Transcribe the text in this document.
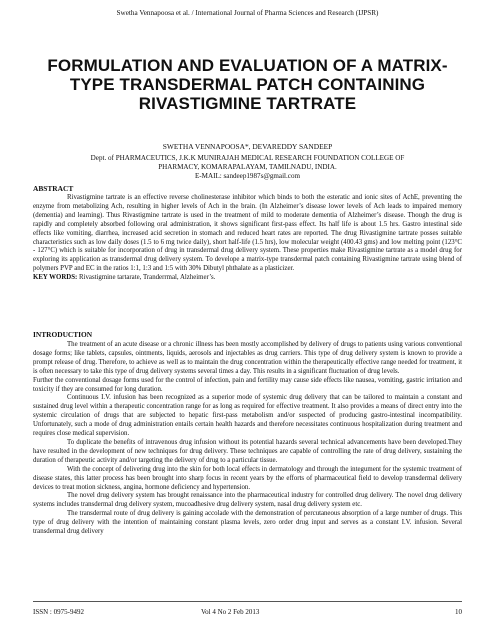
Swetha Vennapoosa et al. / International Journal of Pharma Sciences and Research (IJPSR)
FORMULATION AND EVALUATION OF A MATRIX-TYPE TRANSDERMAL PATCH CONTAINING RIVASTIGMINE TARTRATE
SWETHA VENNAPOOSA*, DEVAREDDY SANDEEP
Dept. of PHARMACEUTICS, J.K.K MUNIRAJAH MEDICAL RESEARCH FOUNDATION COLLEGE OF
PHARMACY, KOMARAPALAYAM, TAMILNADU, INDIA.
E-MAIL: sandeep1987s@gmail.com
ABSTRACT

Rivastigmine tartrate is an effective reverse cholinesterase inhibitor which binds to both the esteratic and ionic sites of AchE, preventing the enzyme from metabolizing Ach, resulting in higher levels of Ach in the brain. (In Alzheimer’s disease lower levels of Ach leads to impaired memory (dementia) and learning). Thus Rivastigmine tartrate is used in the treatment of mild to moderate dementia of Alzheimer’s disease. Though the drug is rapidly and completely absorbed following oral administration, it shows significant first-pass effect. Its half life is about 1.5 hrs. Gastro intestinal side effects like vomiting, diarrhea, increased acid secretion in stomach and reduced heart rates are reported. The drug Rivastigmine tartrate posses suitable characteristics such as low daily doses (1.5 to 6 mg twice daily), short half-life (1.5 hrs), low molecular weight (400.43 gms) and low melting point (123°C - 127°C) which is suitable for incorporation of drug in transdermal drug delivery system. These properties make Rivastigmine tartrate as a model drug for exploring its application as transdermal drug delivery system. To develope a matrix-type transdermal patch containing Rivastigmine tartrate using blend of polymers PVP and EC in the ratios 1:1, 1:3 and 1:5 with 30% Dibutyl phthalate as a plasticizer.

KEY WORDS: Rivastigmine tartarate, Tranderrmal, Alzheimer’s.

INTRODUCTION

The treatment of an acute disease or a chronic illness has been mostly accomplished by delivery of drugs to patients using various conventional dosage forms; like tablets, capsules, ointments, liquids, aerosols and injectables as drug carriers. This type of drug delivery system is known to provide a prompt release of drug. Therefore, to achieve as well as to maintain the drug concentration within the therapeutically effective range needed for treatment, it is often necessary to take this type of drug delivery systems several times a day. This results in a significant fluctuation of drug levels.

Further the conventional dosage forms used for the control of infection, pain and fertility may cause side effects like nausea, vomiting, gastric irritation and toxicity if they are consumed for long duration.

Continuous I.V. infusion has been recognized as a superior mode of systemic drug delivery that can be tailored to maintain a constant and sustained drug level within a therapeutic concentration range for as long as required for effective treatment. It also provides a means of direct entry into the systemic circulation of drugs that are subjected to hepatic first-pass metabolism and/or suspected of producing gastro-intestinal incompatibility. Unfortunately, such a mode of drug administration entails certain health hazards and therefore necessitates continuous hospitalization during treatment and requires close medical supervision.

To duplicate the benefits of intravenous drug infusion without its potential hazards several technical advancements have been developed.They have resulted in the development of new techniques for drug delivery. These techniques are capable of controlling the rate of drug delivery, sustaining the duration of therapeutic activity and/or targeting the delivery of drug to a particular tissue.

With the concept of delivering drug into the skin for both local effects in dermatology and through the integument for the systemic treatment of disease states, this latter process has been brought into sharp focus in recent years by the efforts of pharmaceutical field to develop transdermal delivery devices to treat motion sickness, angina, hormone deficiency and hypertension.

The novel drug delivery system has brought renaissance into the pharmaceutical industry for controlled drug delivery. The novel drug delivery systems includes transdermal drug delivery system, mucoadhesive drug delivery system, nasal drug delivery system etc.

The transdermal route of drug delivery is gaining accolade with the demonstration of percutaneous absorption of a large number of drugs. This type of drug delivery with the intention of maintaining constant plasma levels, zero order drug input and serves as a constant I.V. infusion. Several transdermal drug delivery

ISSN : 0975-9492	Vol 4 No 2 Feb 2013	10
